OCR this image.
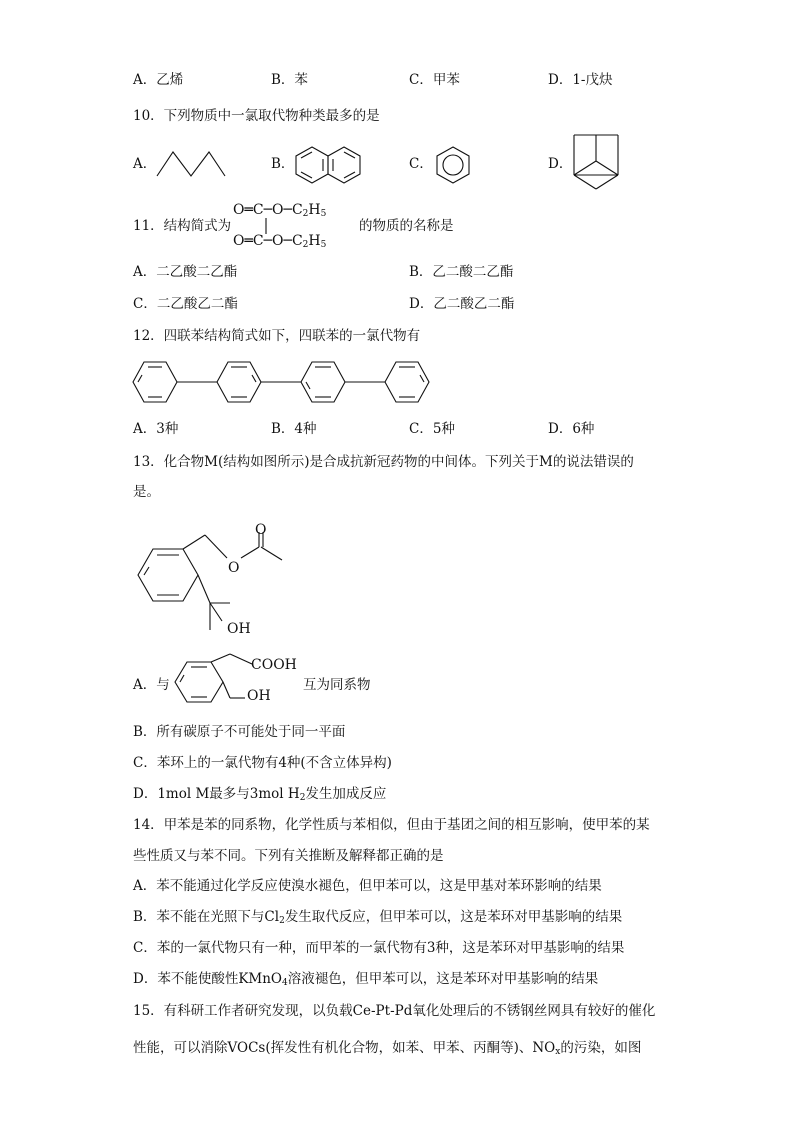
A．乙烯	B．苯	C．甲苯	D．1-戊炔
10．下列物质中一氯取代物种类最多的是
A．	B．	C．	D．
11．结构简式为
$O═C─O─C_2H_5$
$O═C─O─C_2H_5$
的物质的名称是
A．二乙酸二乙酯	B．乙二酸二乙酯
C．二乙酸乙二酯	D．乙二酸乙二酯
12．四联苯结构简式如下，四联苯的一氯代物有
A．3种	B．4种	C．5种	D．6种
13．化合物M(结构如图所示)是合成抗新冠药物的中间体。下列关于M的说法错误的
是。
O
O
OH
A．与
COOH
OH
互为同系物
B．所有碳原子不可能处于同一平面
C．苯环上的一氯代物有4种(不含立体异构)
D．1mol M最多与3mol $H_2$发生加成反应
14．甲苯是苯的同系物，化学性质与苯相似，但由于基团之间的相互影响，使甲苯的某
些性质又与苯不同。下列有关推断及解释都正确的是
A．苯不能通过化学反应使溴水褪色，但甲苯可以，这是甲基对苯环影响的结果
B．苯不能在光照下与$Cl_2$发生取代反应，但甲苯可以，这是苯环对甲基影响的结果
C．苯的一氯代物只有一种，而甲苯的一氯代物有3种，这是苯环对甲基影响的结果
D．苯不能使酸性KMnO$_4$溶液褪色，但甲苯可以，这是苯环对甲基影响的结果
15．有科研工作者研究发现，以负载Ce-Pt-Pd氧化处理后的不锈钢丝网具有较好的催化
性能，可以消除VOCs(挥发性有机化合物，如苯、甲苯、丙酮等)、$NO_x$的污染，如图
